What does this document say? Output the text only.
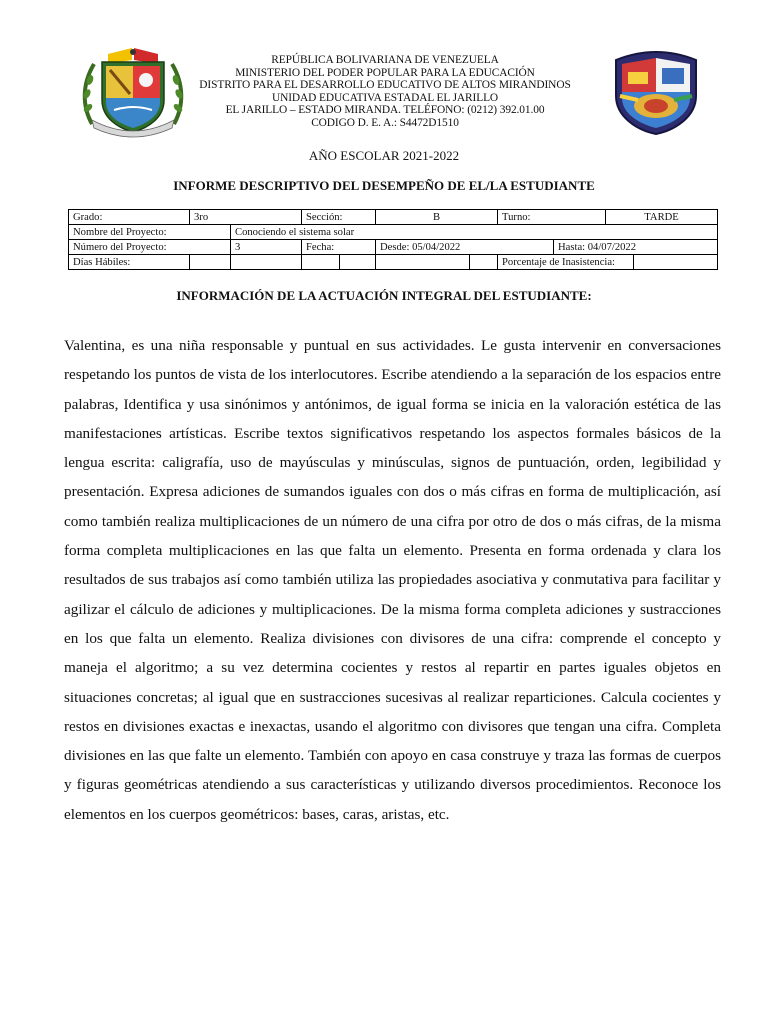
REPÚBLICA BOLIVARIANA DE VENEZUELA
MINISTERIO DEL PODER POPULAR PARA LA EDUCACIÓN
DISTRITO PARA EL DESARROLLO EDUCATIVO DE ALTOS MIRANDINOS
UNIDAD EDUCATIVA ESTADAL EL JARILLO
EL JARILLO – ESTADO MIRANDA. TELÉFONO: (0212) 392.01.00
CODIGO D. E. A.: S4472D1510
AÑO ESCOLAR 2021-2022
INFORME DESCRIPTIVO DEL DESEMPEÑO DE EL/LA ESTUDIANTE
Grado:	3ro		Sección:		B		Turno:		TARDE	
Nombre del Proyecto:		Conociendo el sistema solar								
Número del Proyecto:		3	Fecha:		Desde: 05/04/2022			Hasta: 04/07/2022		
Días Hábiles:							Porcentaje de Inasistencia:			
INFORMACIÓN DE LA ACTUACIÓN INTEGRAL DEL ESTUDIANTE:
Valentina, es una niña responsable y puntual en sus actividades. Le gusta intervenir en conversaciones respetando los puntos de vista de los interlocutores. Escribe atendiendo a la separación de los espacios entre palabras, Identifica y usa sinónimos y antónimos, de igual forma se inicia en la valoración estética de las manifestaciones artísticas. Escribe textos significativos respetando los aspectos formales básicos de la lengua escrita: caligrafía, uso de mayúsculas y minúsculas, signos de puntuación, orden, legibilidad y presentación. Expresa adiciones de sumandos iguales con dos o más cifras en forma de multiplicación, así como también realiza multiplicaciones de un número de una cifra por otro de dos o más cifras, de la misma forma completa multiplicaciones en las que falta un elemento. Presenta en forma ordenada y clara los resultados de sus trabajos así como también utiliza las propiedades asociativa y conmutativa para facilitar y agilizar el cálculo de adiciones y multiplicaciones. De la misma forma completa adiciones y sustracciones en los que falta un elemento. Realiza divisiones con divisores de una cifra: comprende el concepto y maneja el algoritmo; a su vez determina cocientes y restos al repartir en partes iguales objetos en situaciones concretas; al igual que en sustracciones sucesivas al realizar reparticiones. Calcula cocientes y restos en divisiones exactas e inexactas, usando el algoritmo con divisores que tengan una cifra. Completa divisiones en las que falte un elemento. También con apoyo en casa construye y traza las formas de cuerpos y figuras geométricas atendiendo a sus características y utilizando diversos procedimientos. Reconoce los elementos en los cuerpos geométricos: bases, caras, aristas, etc.
